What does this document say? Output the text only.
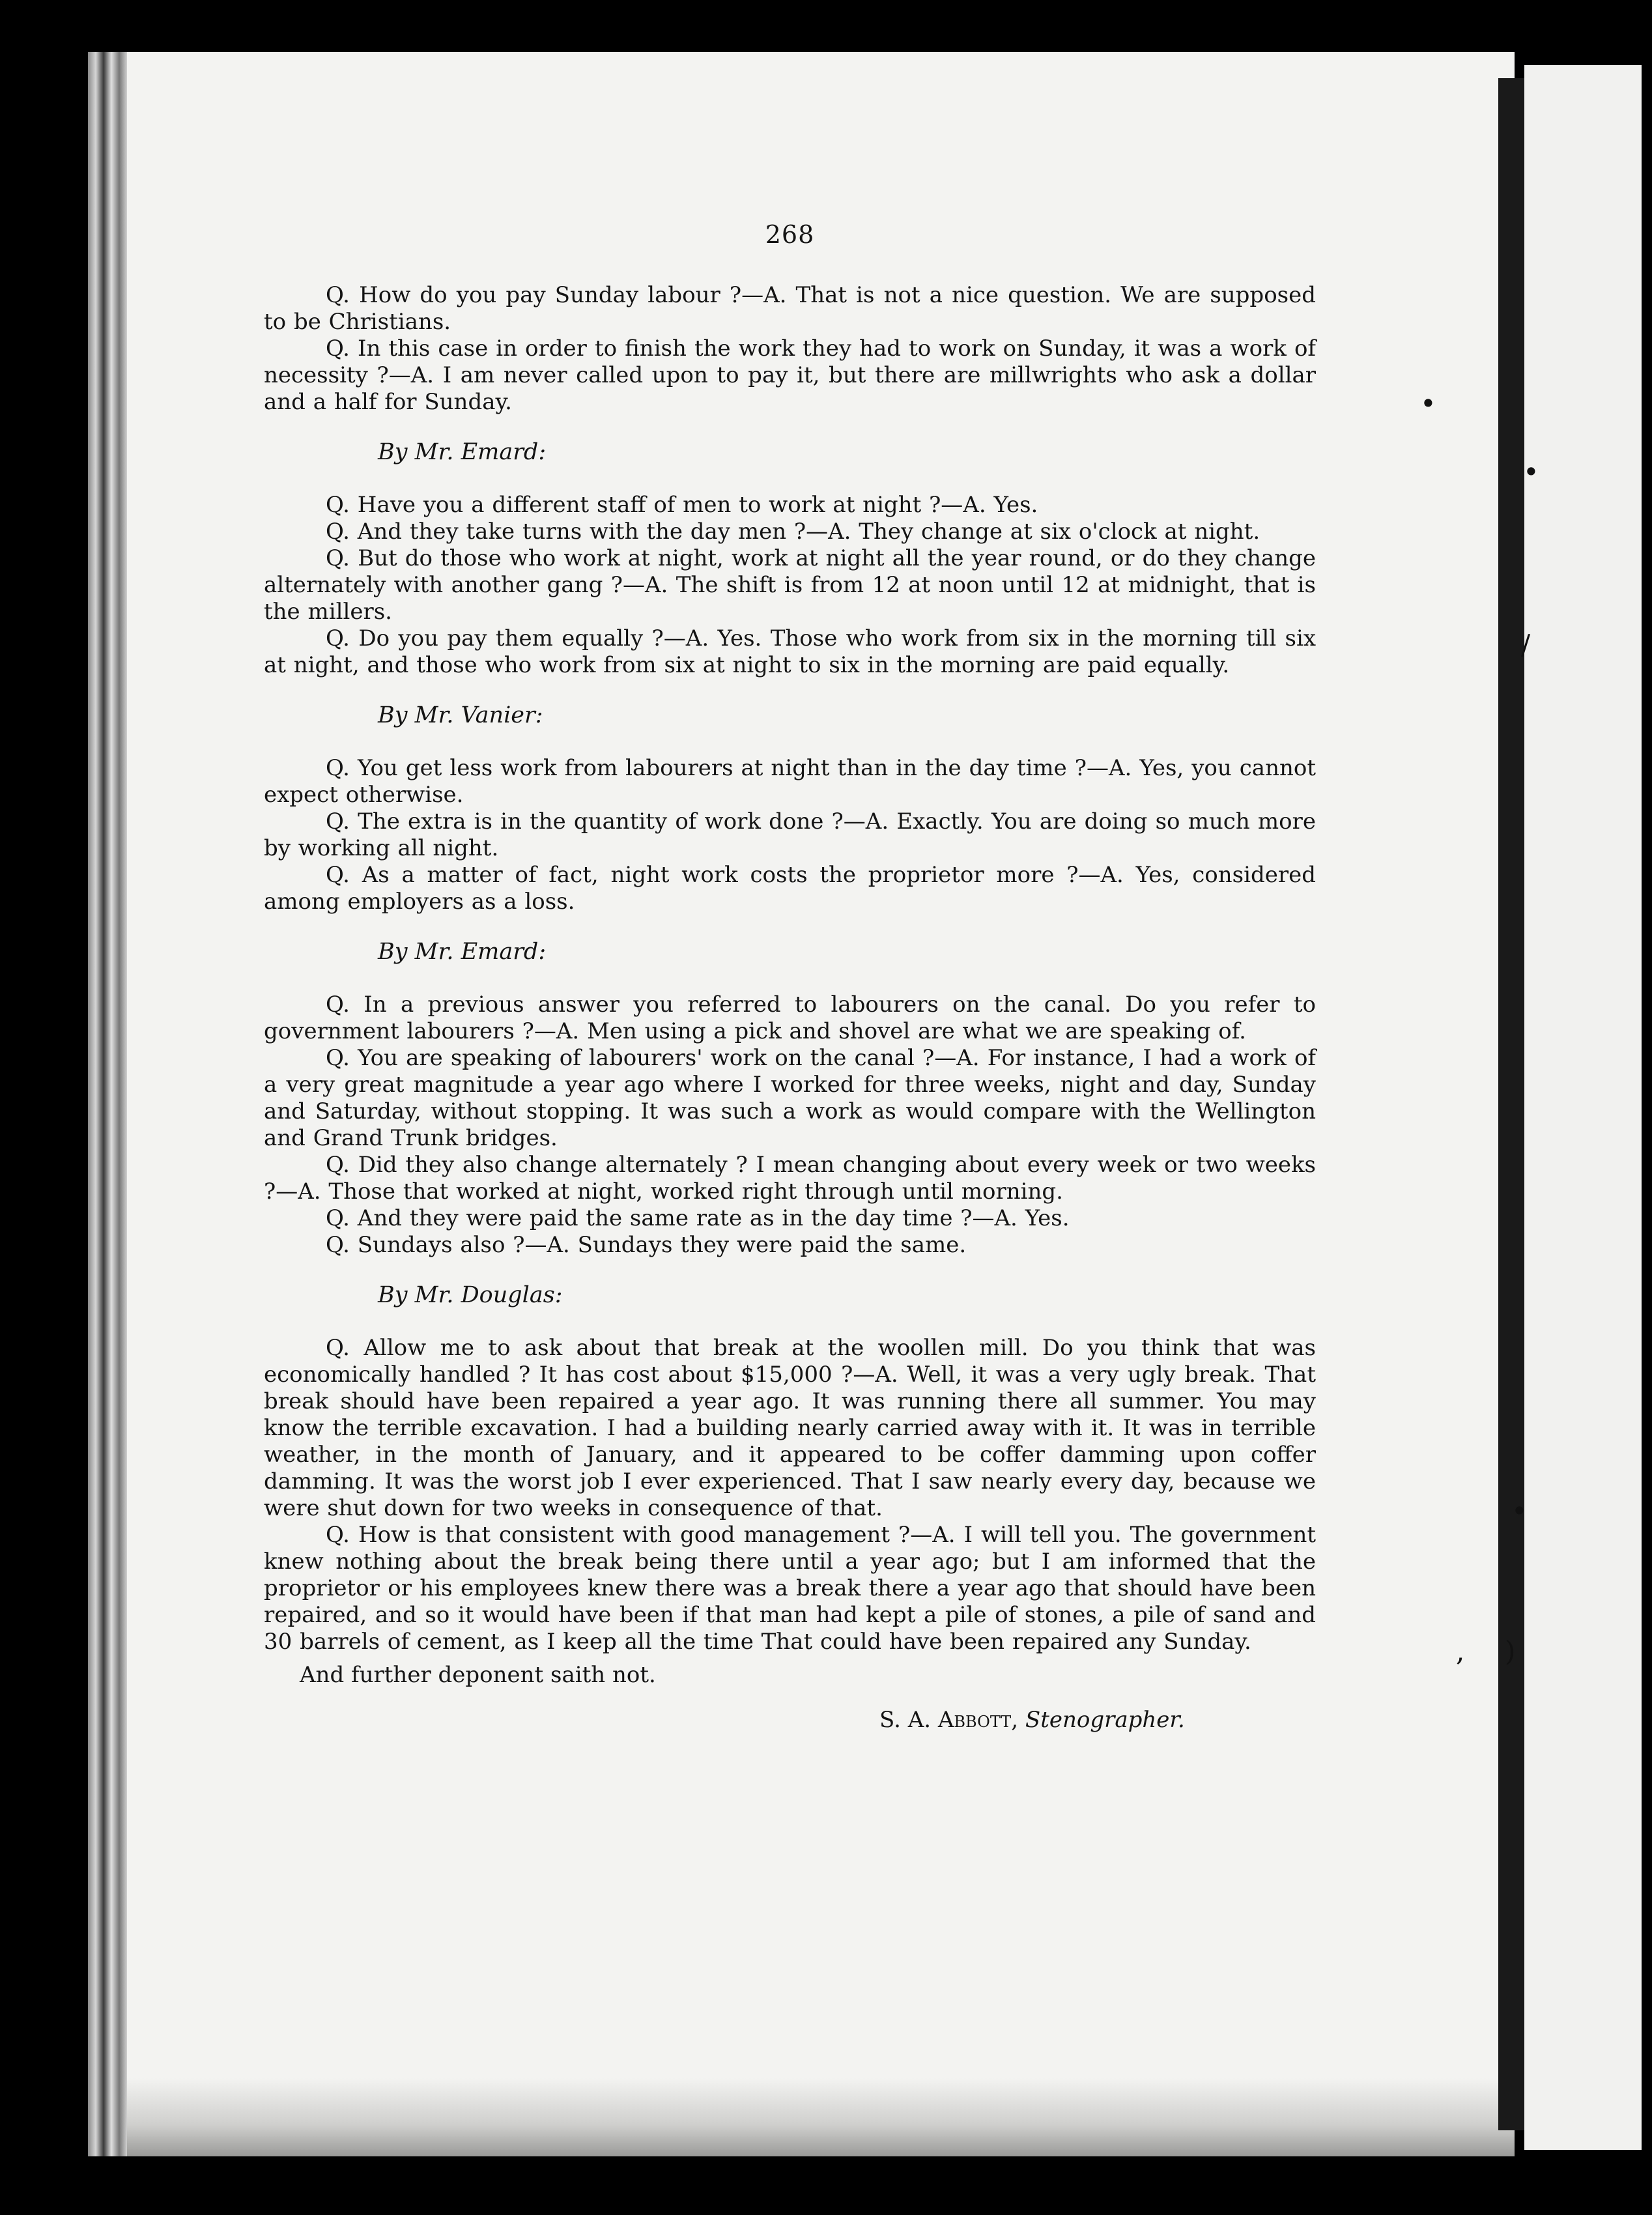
•
•
/
•
, )
268

Q. How do you pay Sunday labour ?—A. That is not a nice question. We are supposed to be Christians.

Q. In this case in order to finish the work they had to work on Sunday, it was a work of necessity ?—A. I am never called upon to pay it, but there are millwrights who ask a dollar and a half for Sunday.

By Mr. Emard:

Q. Have you a different staff of men to work at night ?—A. Yes.

Q. And they take turns with the day men ?—A. They change at six o'clock at night.

Q. But do those who work at night, work at night all the year round, or do they change alternately with another gang ?—A. The shift is from 12 at noon until 12 at midnight, that is the millers.

Q. Do you pay them equally ?—A. Yes. Those who work from six in the morning till six at night, and those who work from six at night to six in the morning are paid equally.

By Mr. Vanier:

Q. You get less work from labourers at night than in the day time ?—A. Yes, you cannot expect otherwise.

Q. The extra is in the quantity of work done ?—A. Exactly. You are doing so much more by working all night.

Q. As a matter of fact, night work costs the proprietor more ?—A. Yes, considered among employers as a loss.

By Mr. Emard:

Q. In a previous answer you referred to labourers on the canal. Do you refer to government labourers ?—A. Men using a pick and shovel are what we are speaking of.

Q. You are speaking of labourers' work on the canal ?—A. For instance, I had a work of a very great magnitude a year ago where I worked for three weeks, night and day, Sunday and Saturday, without stopping. It was such a work as would compare with the Wellington and Grand Trunk bridges.

Q. Did they also change alternately ? I mean changing about every week or two weeks ?—A. Those that worked at night, worked right through until morning.

Q. And they were paid the same rate as in the day time ?—A. Yes.

Q. Sundays also ?—A. Sundays they were paid the same.

By Mr. Douglas:

Q. Allow me to ask about that break at the woollen mill. Do you think that was economically handled ? It has cost about $15,000 ?—A. Well, it was a very ugly break. That break should have been repaired a year ago. It was running there all summer. You may know the terrible excavation. I had a building nearly carried away with it. It was in terrible weather, in the month of January, and it appeared to be coffer damming upon coffer damming. It was the worst job I ever experienced. That I saw nearly every day, because we were shut down for two weeks in consequence of that.

Q. How is that consistent with good management ?—A. I will tell you. The government knew nothing about the break being there until a year ago; but I am informed that the proprietor or his employees knew there was a break there a year ago that should have been repaired, and so it would have been if that man had kept a pile of stones, a pile of sand and 30 barrels of cement, as I keep all the time That could have been repaired any Sunday.

And further deponent saith not.

S. A. Abbott, Stenographer.
